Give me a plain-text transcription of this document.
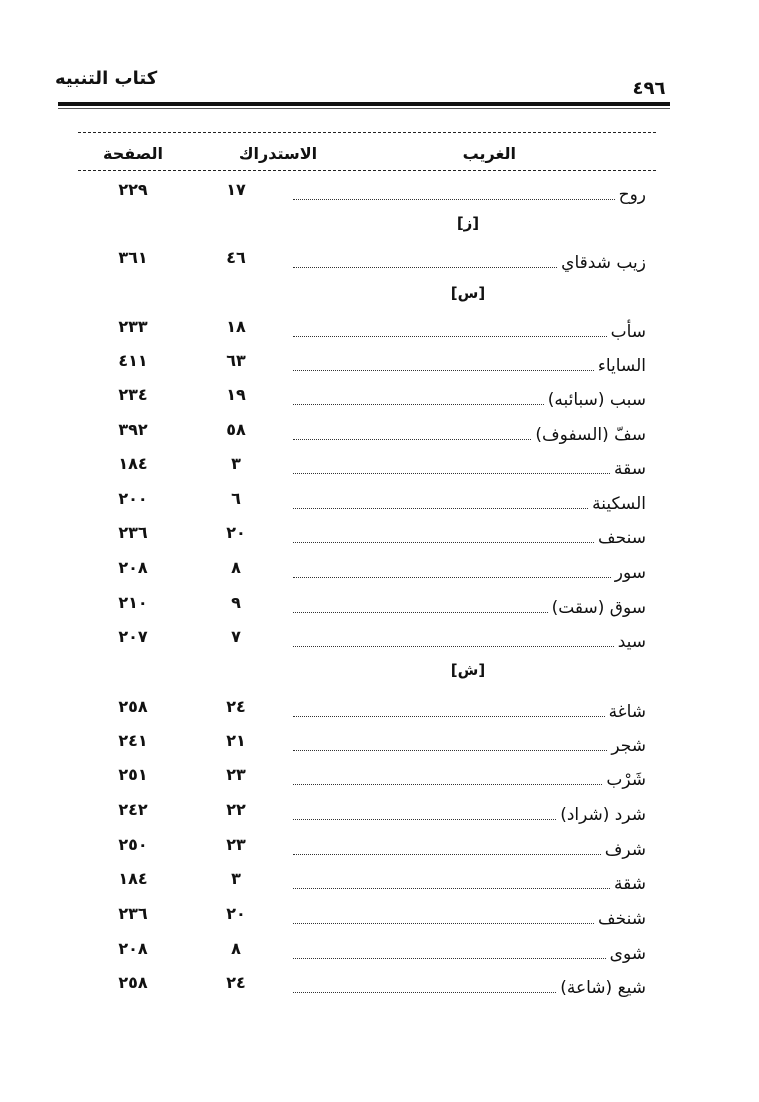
٤٩٦
كتاب التنبيه
الغريب
الاستدراك
الصفحة
روح
١٧
٢٢٩
[ز]
زيب شدقاي
٤٦
٣٦١
[س]
سأب
١٨
٢٣٣
الساياء
٦٣
٤١١
سبب (سبائبه)
١٩
٢٣٤
سفّ (السفوف)
٥٨
٣٩٢
سقة
٣
١٨٤
السكينة
٦
٢٠٠
سنحف
٢٠
٢٣٦
سور
٨
٢٠٨
سوق (سقت)
٩
٢١٠
سيد
٧
٢٠٧
[ش]
شاغة
٢٤
٢٥٨
شجر
٢١
٢٤١
شَرْب
٢٣
٢٥١
شرد (شراد)
٢٢
٢٤٢
شرف
٢٣
٢٥٠
شقة
٣
١٨٤
شنخف
٢٠
٢٣٦
شوى
٨
٢٠٨
شيع (شاعة)
٢٤
٢٥٨
